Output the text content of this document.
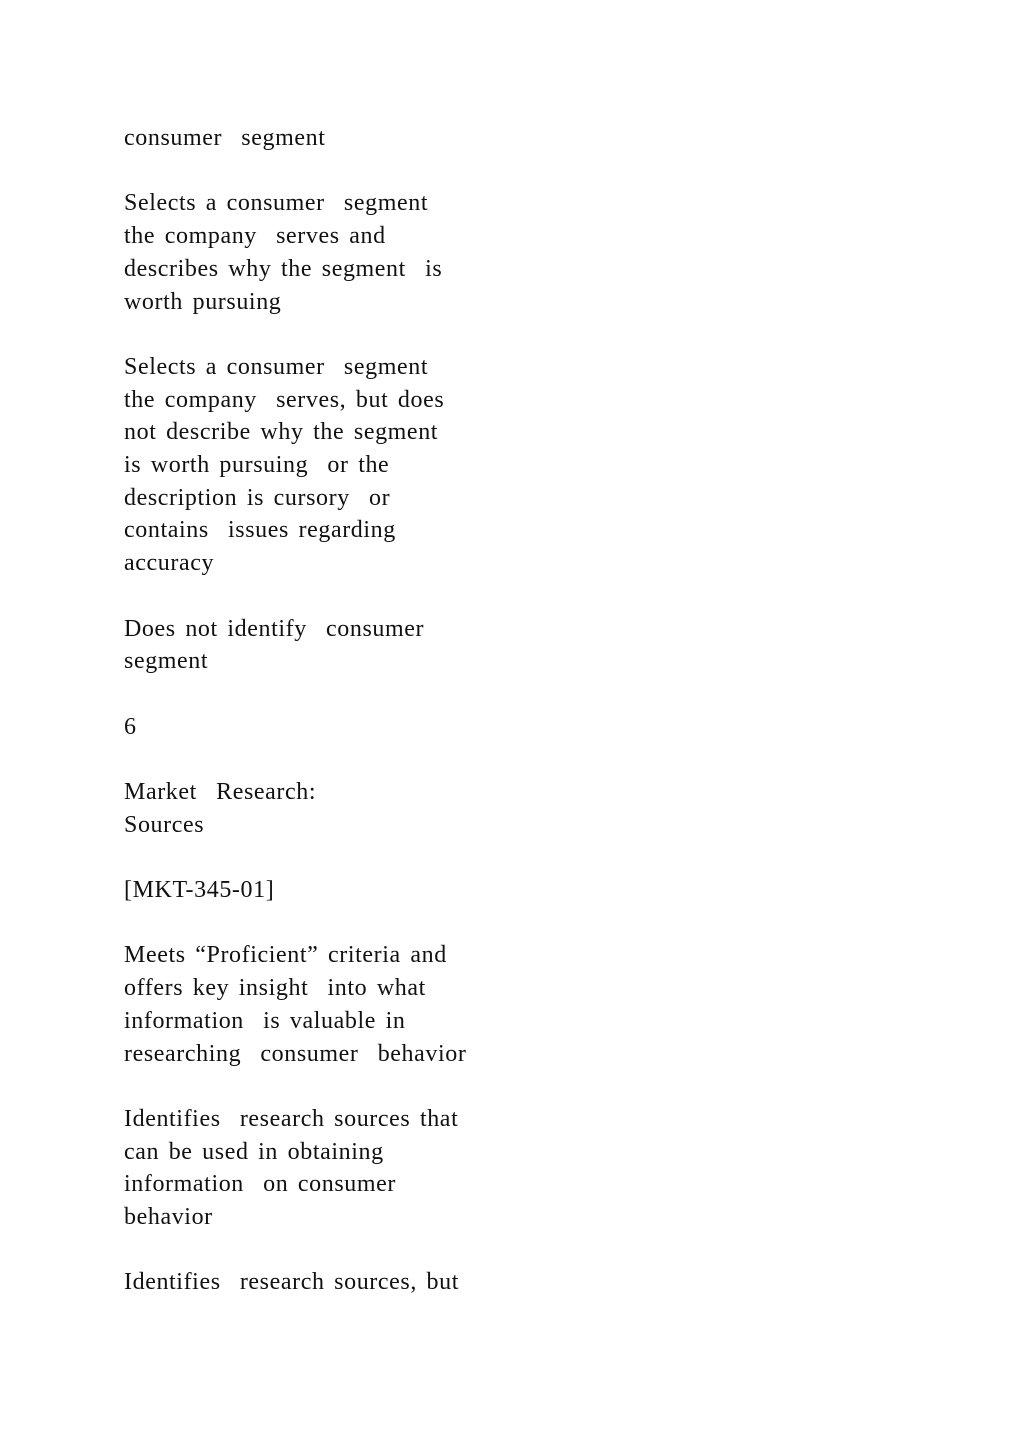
consumer  segment

Selects a consumer  segment
the company  serves and
describes why the segment  is
worth pursuing

Selects a consumer  segment
the company  serves, but does
not describe why the segment
is worth pursuing  or the
description is cursory  or
contains  issues regarding
accuracy

Does not identify  consumer
segment

6

Market  Research:
Sources

[MKT-345-01]

Meets “Proficient” criteria and
offers key insight  into what
information  is valuable in
researching  consumer  behavior

Identifies  research sources that
can be used in obtaining
information  on consumer
behavior

Identifies  research sources, but
